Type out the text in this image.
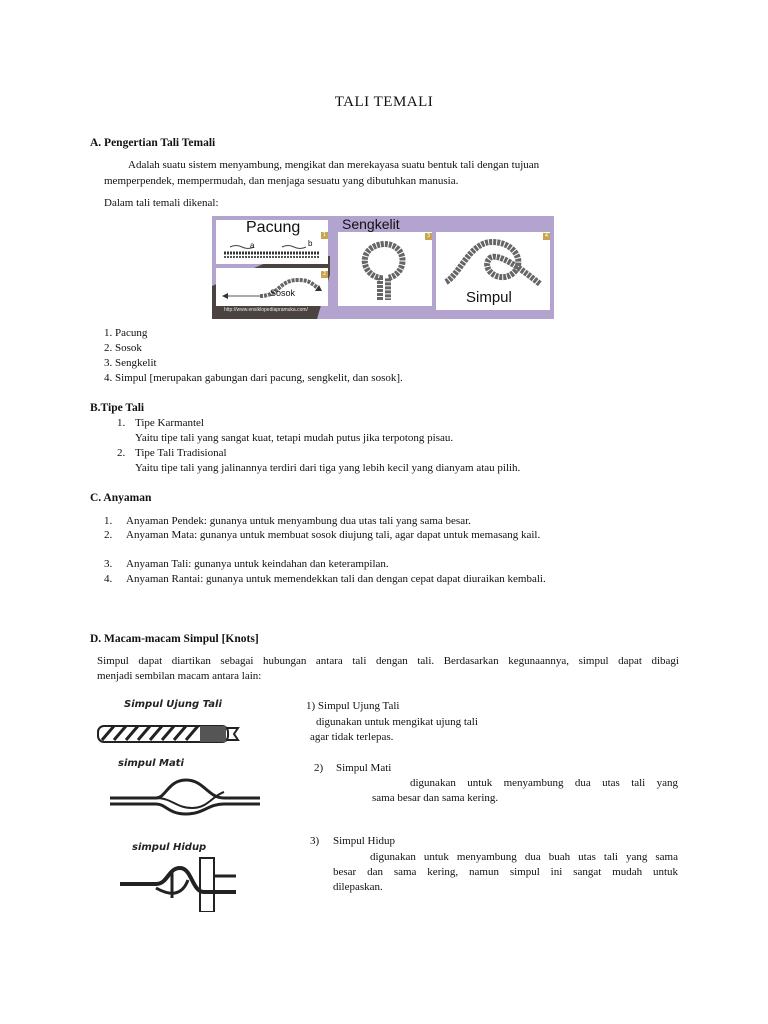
TALI TEMALI
A. Pengertian Tali Temali
Adalah suatu sistem menyambung, mengikat dan merekayasa suatu bentuk tali dengan tujuan
memperpendek, mempermudah, dan menjaga sesuatu yang dibutuhkan manusia.
Dalam tali temali dikenal:
Pacung
a	b
1
Sosok
2
http://www.ensiklopediapramuka.com/
3
Sengkelit
Simpul
4
1. Pacung
2. Sosok
3. Sengkelit
4. Simpul [merupakan gabungan dari pacung, sengkelit, dan sosok].
B.Tipe Tali
1. Tipe Karmantel
Yaitu tipe tali yang sangat kuat, tetapi mudah putus jika terpotong pisau.
2. Tipe Tali Tradisional
Yaitu tipe tali yang jalinannya terdiri dari tiga yang lebih kecil yang dianyam atau pilih.
C. Anyaman
1. Anyaman Pendek: gunanya untuk menyambung dua utas tali yang sama besar.
2. Anyaman Mata: gunanya untuk membuat sosok diujung tali, agar dapat untuk memasang kail.
3. Anyaman Tali: gunanya untuk keindahan dan keterampilan.
4. Anyaman Rantai: gunanya untuk memendekkan tali dan dengan cepat dapat diuraikan kembali.
D. Macam-macam Simpul [Knots]
Simpul dapat diartikan sebagai hubungan antara tali dengan tali. Berdasarkan kegunaannya, simpul dapat dibagi
menjadi sembilan macam antara lain:
Simpul Ujung Tali
simpul Mati
simpul Hidup
1) Simpul Ujung Tali
digunakan untuk mengikat ujung tali
agar tidak terlepas.
2) Simpul Mati
digunakan untuk menyambung dua utas tali yang
sama besar dan sama kering.
3) Simpul Hidup
digunakan untuk menyambung dua buah utas tali yang sama
besar dan sama kering, namun simpul ini sangat mudah untuk
dilepaskan.
